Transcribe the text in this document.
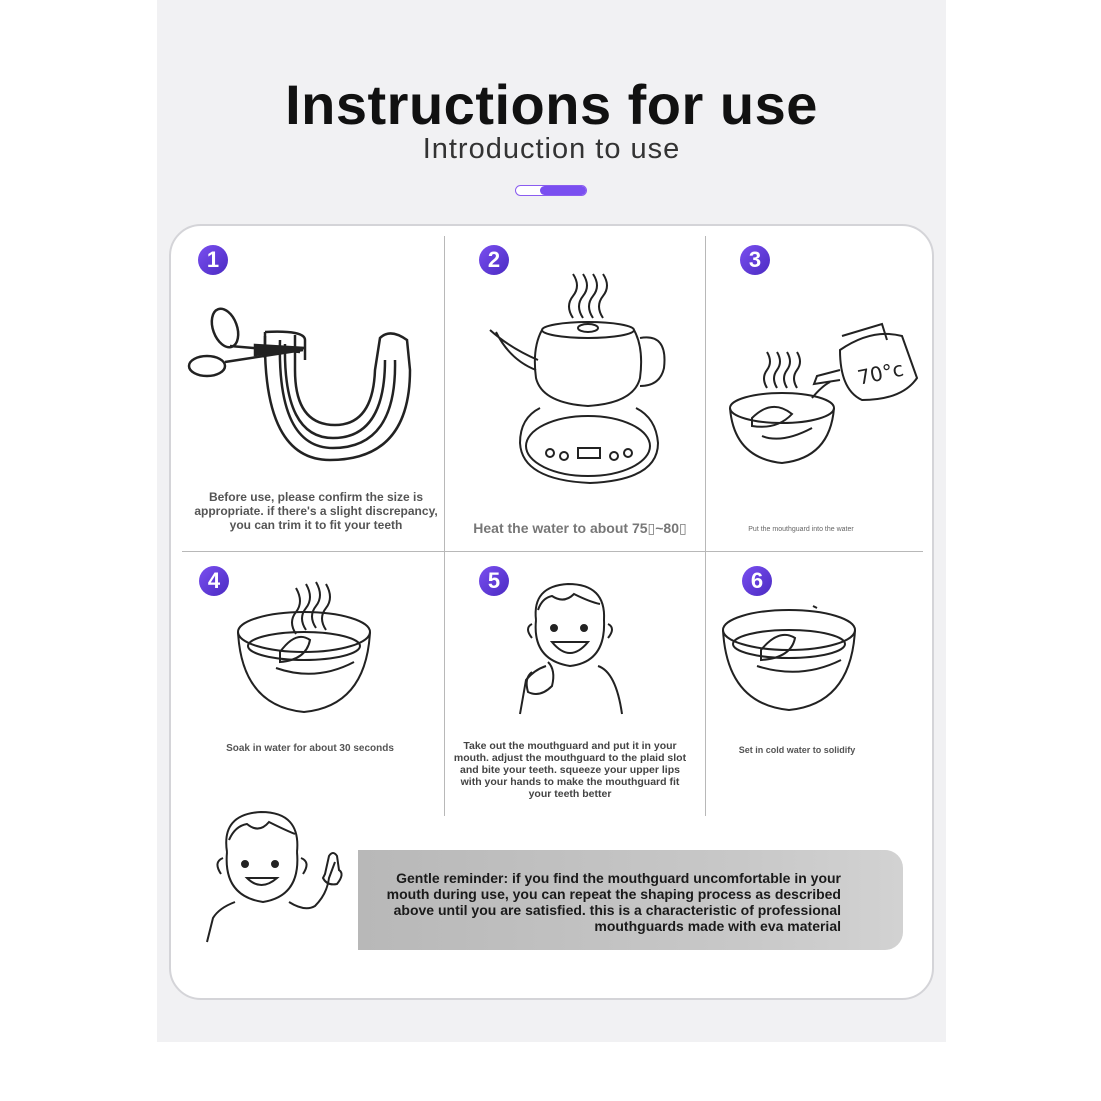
Instructions for use
Introduction to use
1	2	3
4	5	6
Before use, please confirm the size is appropriate. if there's a slight discrepancy, you can trim it to fit your teeth	Heat the water to about 75▯~80▯
70°c
Put the mouthguard into the water
Soak in water for about 30 seconds	Take out the mouthguard and put it in your mouth. adjust the mouthguard to the plaid slot and bite your teeth. squeeze your upper lips with your hands to make the mouthguard fit your teeth better
Set in cold water to solidify
Gentle reminder: if you find the mouthguard uncomfortable in your mouth during use, you can repeat the shaping process as described above until you are satisfied. this is a characteristic of professional mouthguards made with eva material
